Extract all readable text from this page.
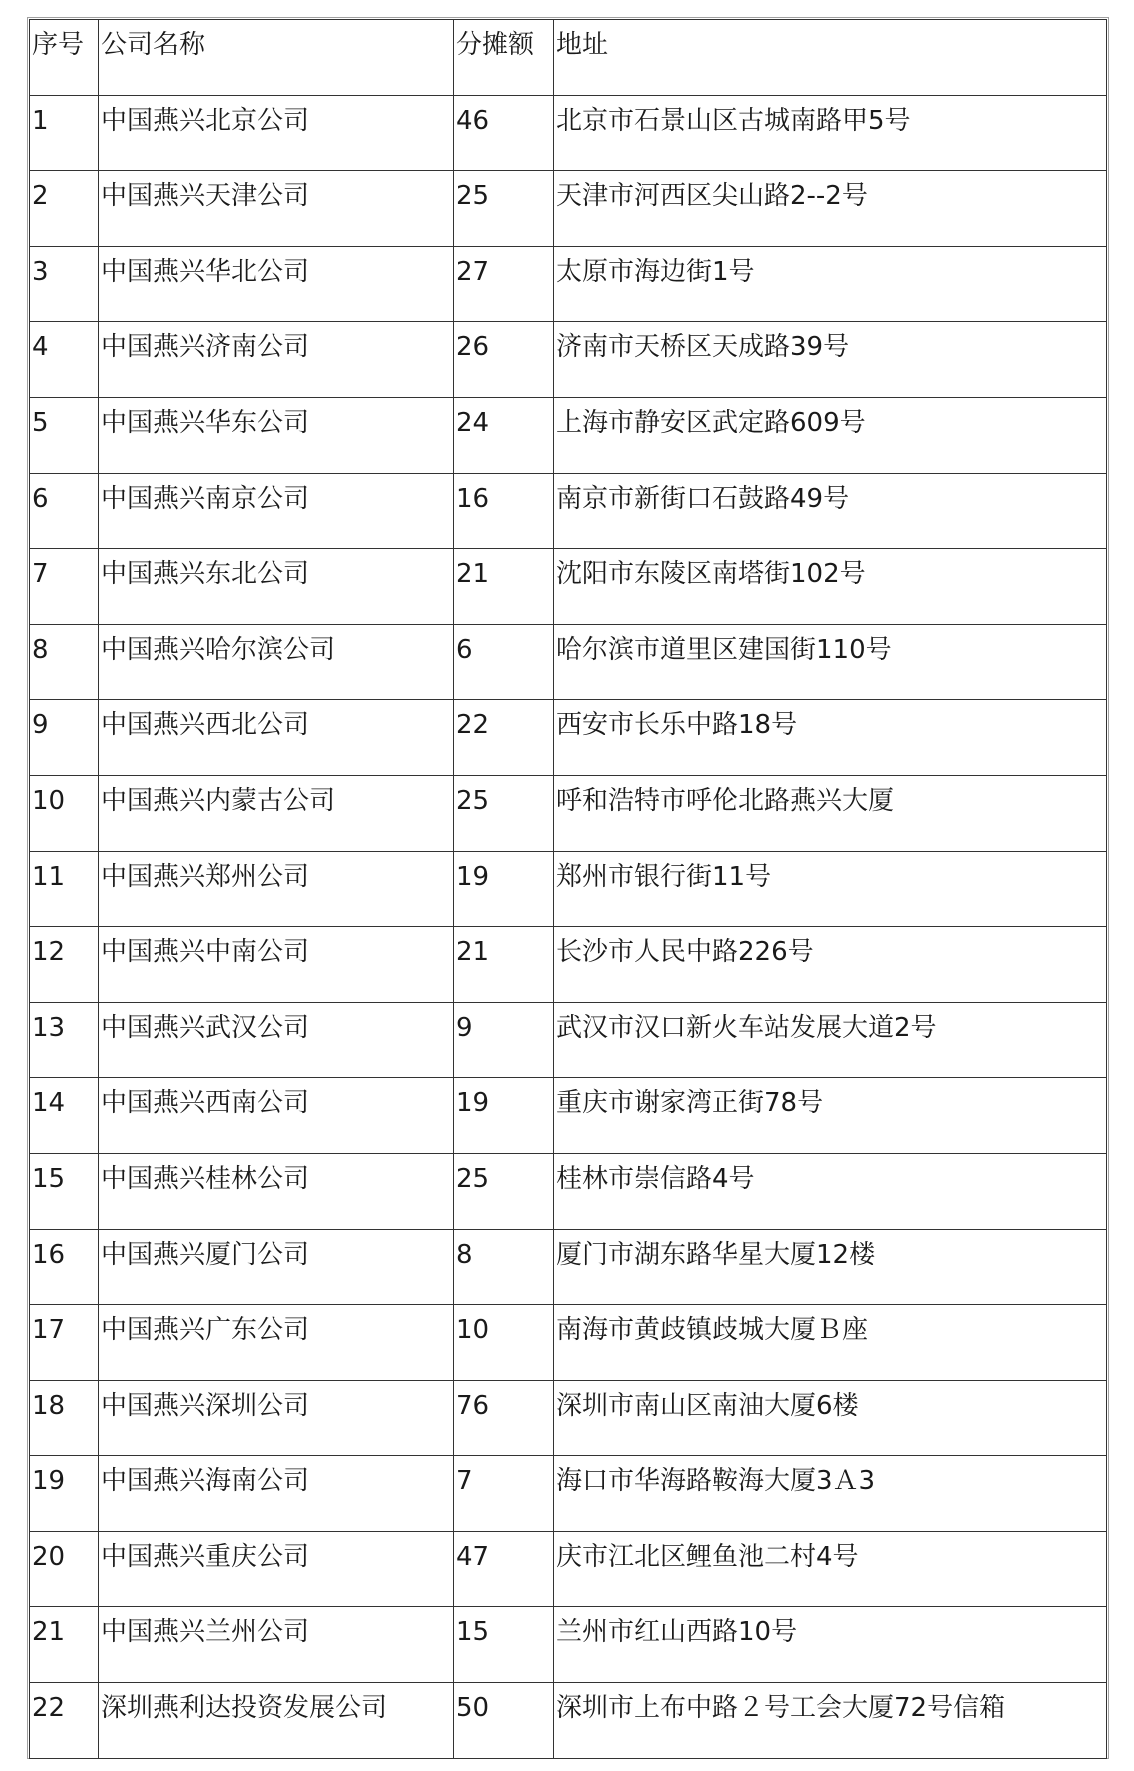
序号	公司名称	分摊额	地址
1	中国燕兴北京公司	46	北京市石景山区古城南路甲5号
2	中国燕兴天津公司	25	天津市河西区尖山路2--2号
3	中国燕兴华北公司	27	太原市海边街1号
4	中国燕兴济南公司	26	济南市天桥区天成路39号
5	中国燕兴华东公司	24	上海市静安区武定路609号
6	中国燕兴南京公司	16	南京市新街口石鼓路49号
7	中国燕兴东北公司	21	沈阳市东陵区南塔街102号
8	中国燕兴哈尔滨公司	6	哈尔滨市道里区建国街110号
9	中国燕兴西北公司	22	西安市长乐中路18号
10	中国燕兴内蒙古公司	25	呼和浩特市呼伦北路燕兴大厦
11	中国燕兴郑州公司	19	郑州市银行街11号
12	中国燕兴中南公司	21	长沙市人民中路226号
13	中国燕兴武汉公司	9	武汉市汉口新火车站发展大道2号
14	中国燕兴西南公司	19	重庆市谢家湾正街78号
15	中国燕兴桂林公司	25	桂林市崇信路4号
16	中国燕兴厦门公司	8	厦门市湖东路华星大厦12楼
17	中国燕兴广东公司	10	南海市黄歧镇歧城大厦Ｂ座
18	中国燕兴深圳公司	76	深圳市南山区南油大厦6楼
19	中国燕兴海南公司	7	海口市华海路鞍海大厦3Ａ3
20	中国燕兴重庆公司	47	庆市江北区鲤鱼池二村4号
21	中国燕兴兰州公司	15	兰州市红山西路10号
22	深圳燕利达投资发展公司	50	深圳市上布中路２号工会大厦72号信箱
